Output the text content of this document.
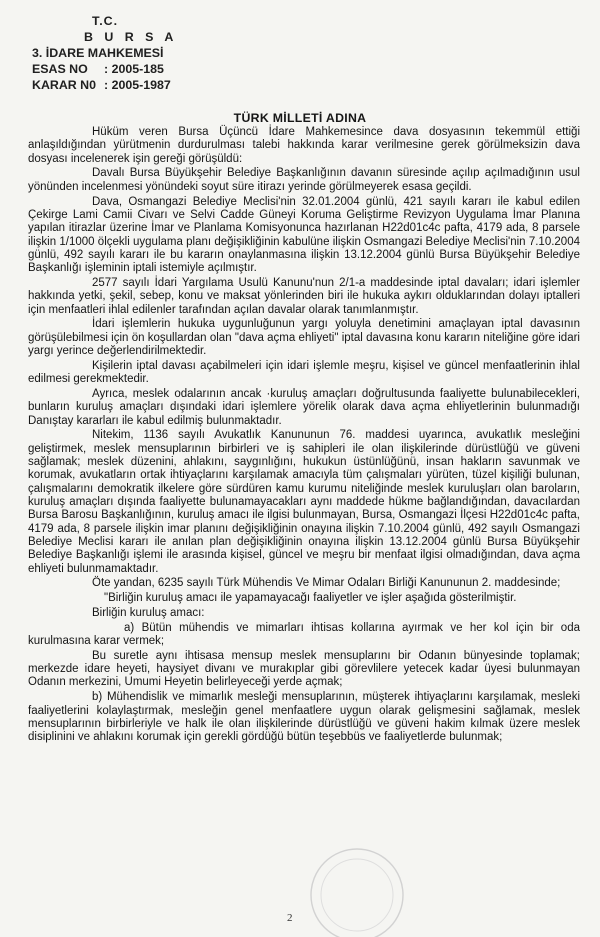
T.C.
B U R S A
3. İDARE MAHKEMESİ
ESAS NO : 2005-185
KARAR N0 : 2005-1987
TÜRK MİLLETİ ADINA

Hüküm veren Bursa Üçüncü İdare Mahkemesince dava dosyasının tekemmül ettiği anlaşıldığından yürütmenin durdurulması talebi hakkında karar verilmesine gerek görülmeksizin dava dosyası incelenerek işin gereği görüşüldü:

Davalı Bursa Büyükşehir Belediye Başkanlığının davanın süresinde açılıp açılmadığının usul yönünden incelenmesi yönündeki soyut süre itirazı yerinde görülmeyerek esasa geçildi.

Dava, Osmangazi Belediye Meclisi'nin 32.01.2004 günlü, 421 sayılı kararı ile kabul edilen Çekirge Lami Camii Civarı ve Selvi Cadde Güneyi Koruma Geliştirme Revizyon Uygulama İmar Planına yapılan itirazlar üzerine İmar ve Planlama Komisyonunca hazırlanan H22d01c4c pafta, 4179 ada, 8 parsele ilişkin 1/1000 ölçekli uygulama planı değişikliğinin kabulüne ilişkin Osmangazi Belediye Meclisi'nin 7.10.2004 günlü, 492 sayılı kararı ile bu kararın onaylanmasına ilişkin 13.12.2004 günlü Bursa Büyükşehir Belediye Başkanlığı işleminin iptali istemiyle açılmıştır.

2577 sayılı İdari Yargılama Usulü Kanunu'nun 2/1-a maddesinde iptal davaları; idari işlemler hakkında yetki, şekil, sebep, konu ve maksat yönlerinden biri ile hukuka aykırı olduklarından dolayı iptalleri için menfaatleri ihlal edilenler tarafından açılan davalar olarak tanımlanmıştır.

İdari işlemlerin hukuka uygunluğunun yargı yoluyla denetimini amaçlayan iptal davasının görüşülebilmesi için ön koşullardan olan "dava açma ehliyeti" iptal davasına konu kararın niteliğine göre idari yargı yerince değerlendirilmektedir.

Kişilerin iptal davası açabilmeleri için idari işlemle meşru, kişisel ve güncel menfaatlerinin ihlal edilmesi gerekmektedir.

Ayrıca, meslek odalarının ancak ·kuruluş amaçları doğrultusunda faaliyette bulunabilecekleri, bunların kuruluş amaçları dışındaki idari işlemlere yörelik olarak dava açma ehliyetlerinin bulunmadığı Danıştay kararları ile kabul edilmiş bulunmaktadır.

Nitekim, 1136 sayılı Avukatlık Kanununun 76. maddesi uyarınca, avukatlık mesleğini geliştirmek, meslek mensuplarının birbirleri ve iş sahipleri ile olan ilişkilerinde dürüstlüğü ve güveni sağlamak; meslek düzenini, ahlakını, saygınlığını, hukukun üstünlüğünü, insan hakların savunmak ve korumak, avukatların ortak ihtiyaçlarını karşılamak amacıyla tüm çalışmaları yürüten, tüzel kişiliği bulunan, çalışmalarını demokratik ilkelere göre sürdüren kamu kurumu niteliğinde meslek kuruluşları olan baroların, kuruluş amaçları dışında faaliyette bulunamayacakları aynı maddede hükme bağlandığından, davacılardan Bursa Barosu Başkanlığının, kuruluş amacı ile ilgisi bulunmayan, Bursa, Osmangazi İlçesi H22d01c4c pafta, 4179 ada, 8 parsele ilişkin imar planını değişikliğinin onayına ilişkin 7.10.2004 günlü, 492 sayılı Osmangazi Belediye Meclisi kararı ile anılan plan değişikliğinin onayına ilişkin 13.12.2004 günlü Bursa Büyükşehir Belediye Başkanlığı işlemi ile arasında kişisel, güncel ve meşru bir menfaat ilgisi olmadığından, dava açma ehliyeti bulunmamaktadır.

Öte yandan, 6235 sayılı Türk Mühendis Ve Mimar Odaları Birliği Kanununun 2. maddesinde;

"Birliğin kuruluş amacı ile yapamayacağı faaliyetler ve işler aşağıda gösterilmiştir.

Birliğin kuruluş amacı:

a) Bütün mühendis ve mimarları ihtisas kollarına ayırmak ve her kol için bir oda kurulmasına karar vermek;

Bu suretle aynı ihtisasa mensup meslek mensuplarını bir Odanın bünyesinde toplamak; merkezde idare heyeti, haysiyet divanı ve murakıplar gibi görevlilere yetecek kadar üyesi bulunmayan Odanın merkezini, Umumi Heyetin belirleyeceği yerde açmak;

b) Mühendislik ve mimarlık mesleği mensuplarının, müşterek ihtiyaçlarını karşılamak, mesleki faaliyetlerini kolaylaştırmak, mesleğin genel menfaatlere uygun olarak gelişmesini sağlamak, meslek mensuplarının birbirleriyle ve halk ile olan ilişkilerinde dürüstlüğü ve güveni hakim kılmak üzere meslek disiplinini ve ahlakını korumak için gerekli gördüğü bütün teşebbüs ve faaliyetlerde bulunmak;

2
